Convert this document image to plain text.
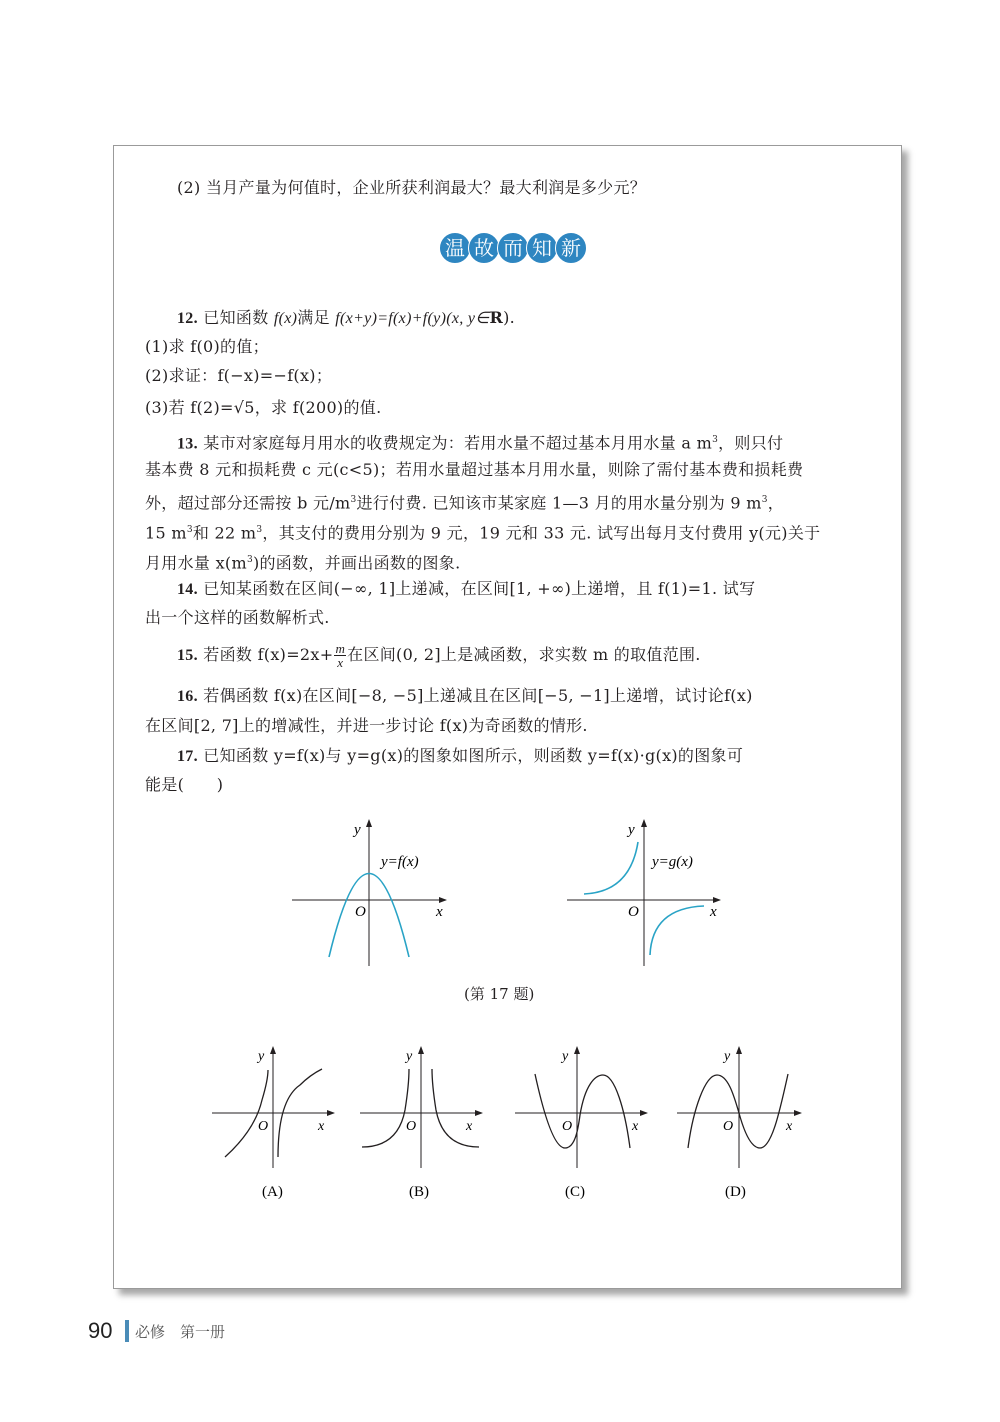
(2) 当月产量为何值时，企业所获利润最大？最大利润是多少元？
温 故 而 知 新
12. 已知函数 f(x)满足 f(x+y)=f(x)+f(y)(x, y∈R).
(1)求 f(0)的值；
(2)求证：f(−x)=−f(x)；
(3)若 f(2)=√5，求 f(200)的值.
13. 某市对家庭每月用水的收费规定为：若用水量不超过基本月用水量 a $m^3$，则只付
基本费 8 元和损耗费 c 元(c<5)；若用水量超过基本月用水量，则除了需付基本费和损耗费
外，超过部分还需按 b 元$/m^3$进行付费. 已知该市某家庭 1—3 月的用水量分别为 9 $m^3$，
15 $m^3$和 22 $m^3$，其支付的费用分别为 9 元，19 元和 33 元. 试写出每月支付费用 y(元)关于
月用水量 $x(m^3)$的函数，并画出函数的图象.
14. 已知某函数在区间(−∞, 1]上递减，在区间[1, +∞)上递增，且 f(1)=1. 试写
出一个这样的函数解析式.
15. 若函数 $f(x)=2x+ \frac{m}{x}$ 在区间(0, 2]上是减函数，求实数 m 的取值范围.
16. 若偶函数 f(x)在区间[−8, −5]上递减且在区间[−5, −1]上递增，试讨论f(x)
在区间[2, 7]上的增减性，并进一步讨论 f(x)为奇函数的情形.
17. 已知函数 y=f(x)与 y=g(x)的图象如图所示，则函数 y=f(x)·g(x)的图象可
能是(　　)
y
x
O
y=f(x)
y
x
O
y=g(x)
y
x
O
(A)
y
x
O
(B)
y
x
O
(C)
y
x
O
(D)
(第 17 题)
90 必修　第一册
